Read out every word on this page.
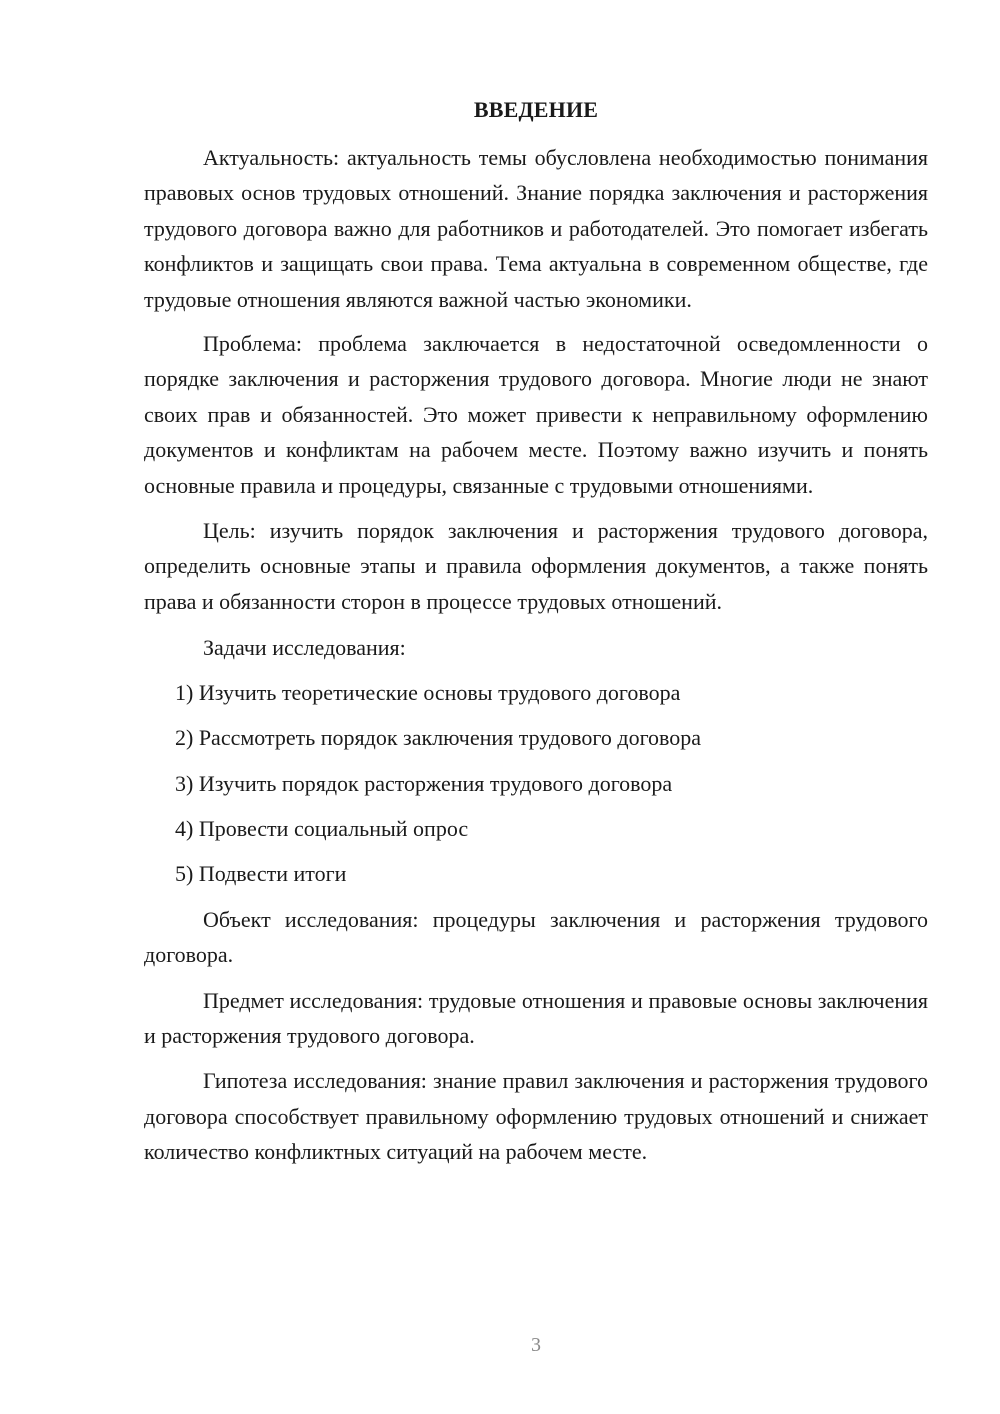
ВВЕДЕНИЕ

Актуальность: актуальность темы обусловлена необходимостью понимания правовых основ трудовых отношений. Знание порядка заключения и расторжения трудового договора важно для работников и работодателей. Это помогает избегать конфликтов и защищать свои права. Тема актуальна в современном обществе, где трудовые отношения являются важной частью экономики.

Проблема: проблема заключается в недостаточной осведомленности о порядке заключения и расторжения трудового договора. Многие люди не знают своих прав и обязанностей. Это может привести к неправильному оформлению документов и конфликтам на рабочем месте. Поэтому важно изучить и понять основные правила и процедуры, связанные с трудовыми отношениями.

Цель: изучить порядок заключения и расторжения трудового договора, определить основные этапы и правила оформления документов, а также понять права и обязанности сторон в процессе трудовых отношений.

Задачи исследования:

1) Изучить теоретические основы трудового договора
2) Рассмотреть порядок заключения трудового договора
3) Изучить порядок расторжения трудового договора
4) Провести социальный опрос
5) Подвести итоги

Объект исследования: процедуры заключения и расторжения трудового договора.

Предмет исследования: трудовые отношения и правовые основы заключения и расторжения трудового договора.

Гипотеза исследования: знание правил заключения и расторжения трудового договора способствует правильному оформлению трудовых отношений и снижает количество конфликтных ситуаций на рабочем месте.

3
